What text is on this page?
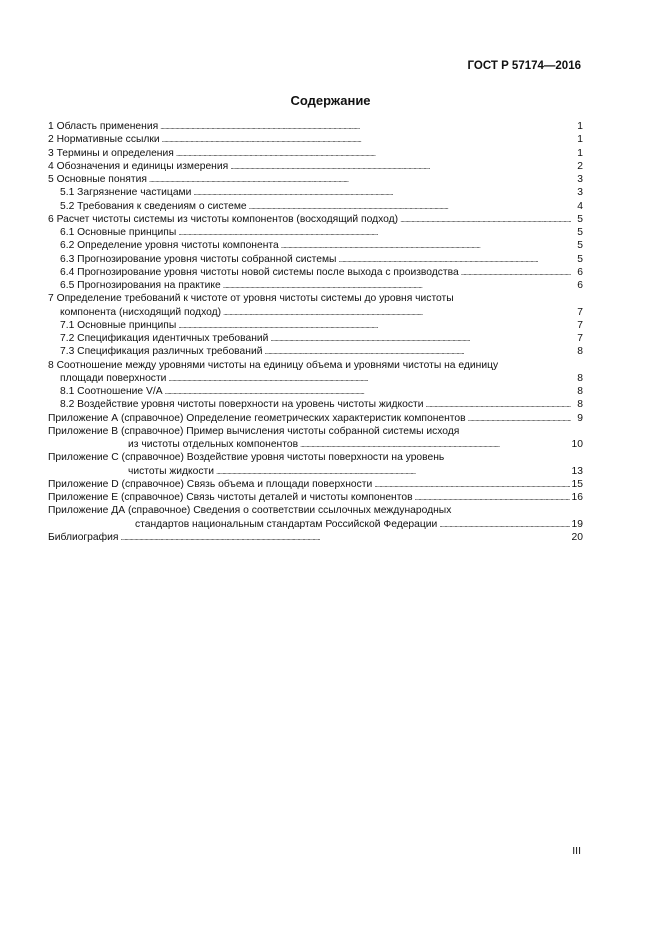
ГОСТ Р 57174—2016
Содержание
1 Область применения . . .	1
2 Нормативные ссылки . . .	1
3 Термины и определения . . .	1
4 Обозначения и единицы измерения . . .	2
5 Основные понятия . . .	3
5.1 Загрязнение частицами . . .	3
5.2 Требования к сведениям о системе . . .	4
6 Расчет чистоты системы из чистоты компонентов (восходящий подход) . . .	5
6.1 Основные принципы . . .	5
6.2 Определение уровня чистоты компонента . . .	5
6.3 Прогнозирование уровня чистоты собранной системы . . .	5
6.4 Прогнозирование уровня чистоты новой системы после выхода с производства . . .	6
6.5 Прогнозирования на практике . . .	6
7 Определение требований к чистоте от уровня чистоты системы до уровня чистоты
компонента (нисходящий подход) . . .	7
7.1 Основные принципы . . .	7
7.2 Спецификация идентичных требований . . .	7
7.3 Спецификация различных требований . . .	8
8 Соотношение между уровнями чистоты на единицу объема и уровнями чистоты на единицу
площади поверхности . . .	8
8.1 Соотношение V/A . . .	8
8.2 Воздействие уровня чистоты поверхности на уровень чистоты жидкости . . .	8
Приложение А (справочное) Определение геометрических характеристик компонентов . . .	9
Приложение В (справочное) Пример вычисления чистоты собранной системы исходя
из чистоты отдельных компонентов . . .	10
Приложение С (справочное) Воздействие уровня чистоты поверхности на уровень
чистоты жидкости . . .	13
Приложение D (справочное) Связь объема и площади поверхности . . .	15
Приложение Е (справочное) Связь чистоты деталей и чистоты компонентов . . .	16
Приложение ДА (справочное) Сведения о соответствии ссылочных международных
стандартов национальным стандартам Российской Федерации . . .	19
Библиография . . .	20
III
